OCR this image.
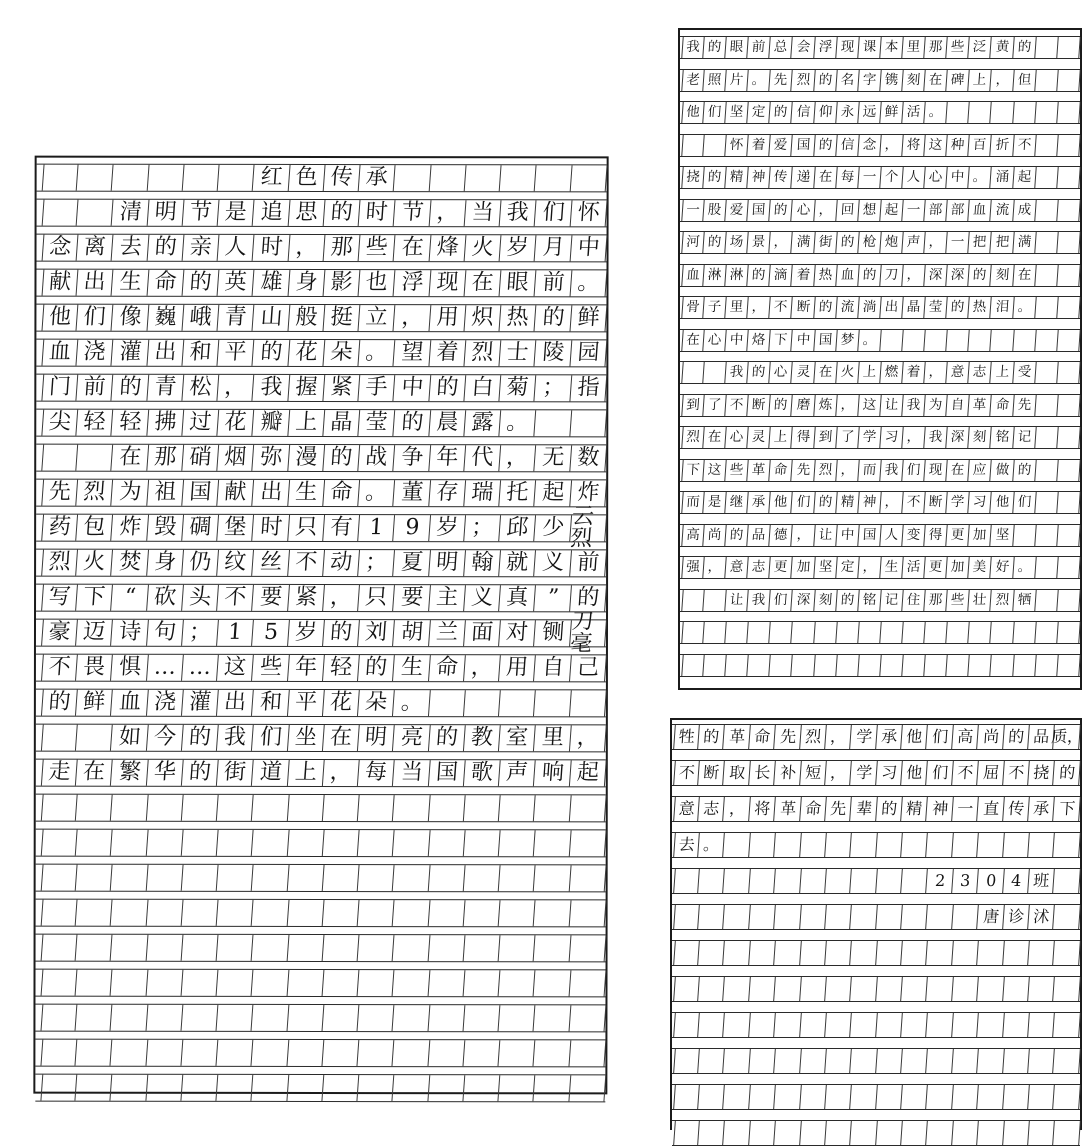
红 色 传 承
清 明 节 是 追 思 的 时 节 ， 当 我 们 怀
念 离 去 的 亲 人 时 ， 那 些 在 烽 火 岁 月 中
献 出 生 命 的 英 雄 身 影 也 浮 现 在 眼 前 。
他 们 像 巍 峨 青 山 般 挺 立 ， 用 炽 热 的 鲜
血 浇 灌 出 和 平 的 花 朵 。 望 着 烈 士 陵 园
门 前 的 青 松 ， 我 握 紧 手 中 的 白 菊 ； 指
尖 轻 轻 拂 过 花 瓣 上 晶 莹 的 晨 露 。
在 那 硝 烟 弥 漫 的 战 争 年 代 ， 无 数
先 烈 为 祖 国 献 出 生 命 。 董 存 瑞 托 起 炸
药 包 炸 毁 碉 堡 时 只 有 1 9 岁 ； 邱 少 云烈
烈 火 焚 身 仍 纹 丝 不 动 ； 夏 明 翰 就 义 前
写 下 “ 砍 头 不 要 紧 ， 只 要 主 义 真 ” 的
豪 迈 诗 句 ； 1 5 岁 的 刘 胡 兰 面 对 铡 刀毫
不 畏 惧 … … 这 些 年 轻 的 生 命 ， 用 自 己
的 鲜 血 浇 灌 出 和 平 花 朵 。
如 今 的 我 们 坐 在 明 亮 的 教 室 里 ，
走 在 繁 华 的 街 道 上 ， 每 当 国 歌 声 响 起
我 的 眼 前 总 会 浮 现 课 本 里 那 些 泛 黄 的
老 照 片 。 先 烈 的 名 字 镌 刻 在 碑 上 ， 但
他 们 坚 定 的 信 仰 永 远 鲜 活 。
怀 着 爱 国 的 信 念 ， 将 这 种 百 折 不
挠 的 精 神 传 递 在 每 一 个 人 心 中 。 涌 起
一 股 爱 国 的 心 ， 回 想 起 一 部 部 血 流 成
河 的 场 景 ， 满 街 的 枪 炮 声 ， 一 把 把 满
血 淋 淋 的 滴 着 热 血 的 刀 ， 深 深 的 刻 在
骨 子 里 ， 不 断 的 流 淌 出 晶 莹 的 热 泪 。
在 心 中 烙 下 中 国 梦 。
我 的 心 灵 在 火 上 燃 着 ， 意 志 上 受
到 了 不 断 的 磨 炼 ， 这 让 我 为 自 革 命 先
烈 在 心 灵 上 得 到 了 学 习 ， 我 深 刻 铭 记
下 这 些 革 命 先 烈 ， 而 我 们 现 在 应 做 的
而 是 继 承 他 们 的 精 神 ， 不 断 学 习 他 们
高 尚 的 品 德 ， 让 中 国 人 变 得 更 加 坚
强 ， 意 志 更 加 坚 定 ， 生 活 更 加 美 好 。
让 我 们 深 刻 的 铭 记 住 那 些 壮 烈 牺
牲 的 革 命 先 烈 ， 学 承 他 们 高 尚 的 品 质，
不 断 取 长 补 短 ， 学 习 他 们 不 屈 不 挠 的
意 志 ， 将 革 命 先 辈 的 精 神 一 直 传 承 下
去 。
2 3 0 4 班
唐 诊 沭
